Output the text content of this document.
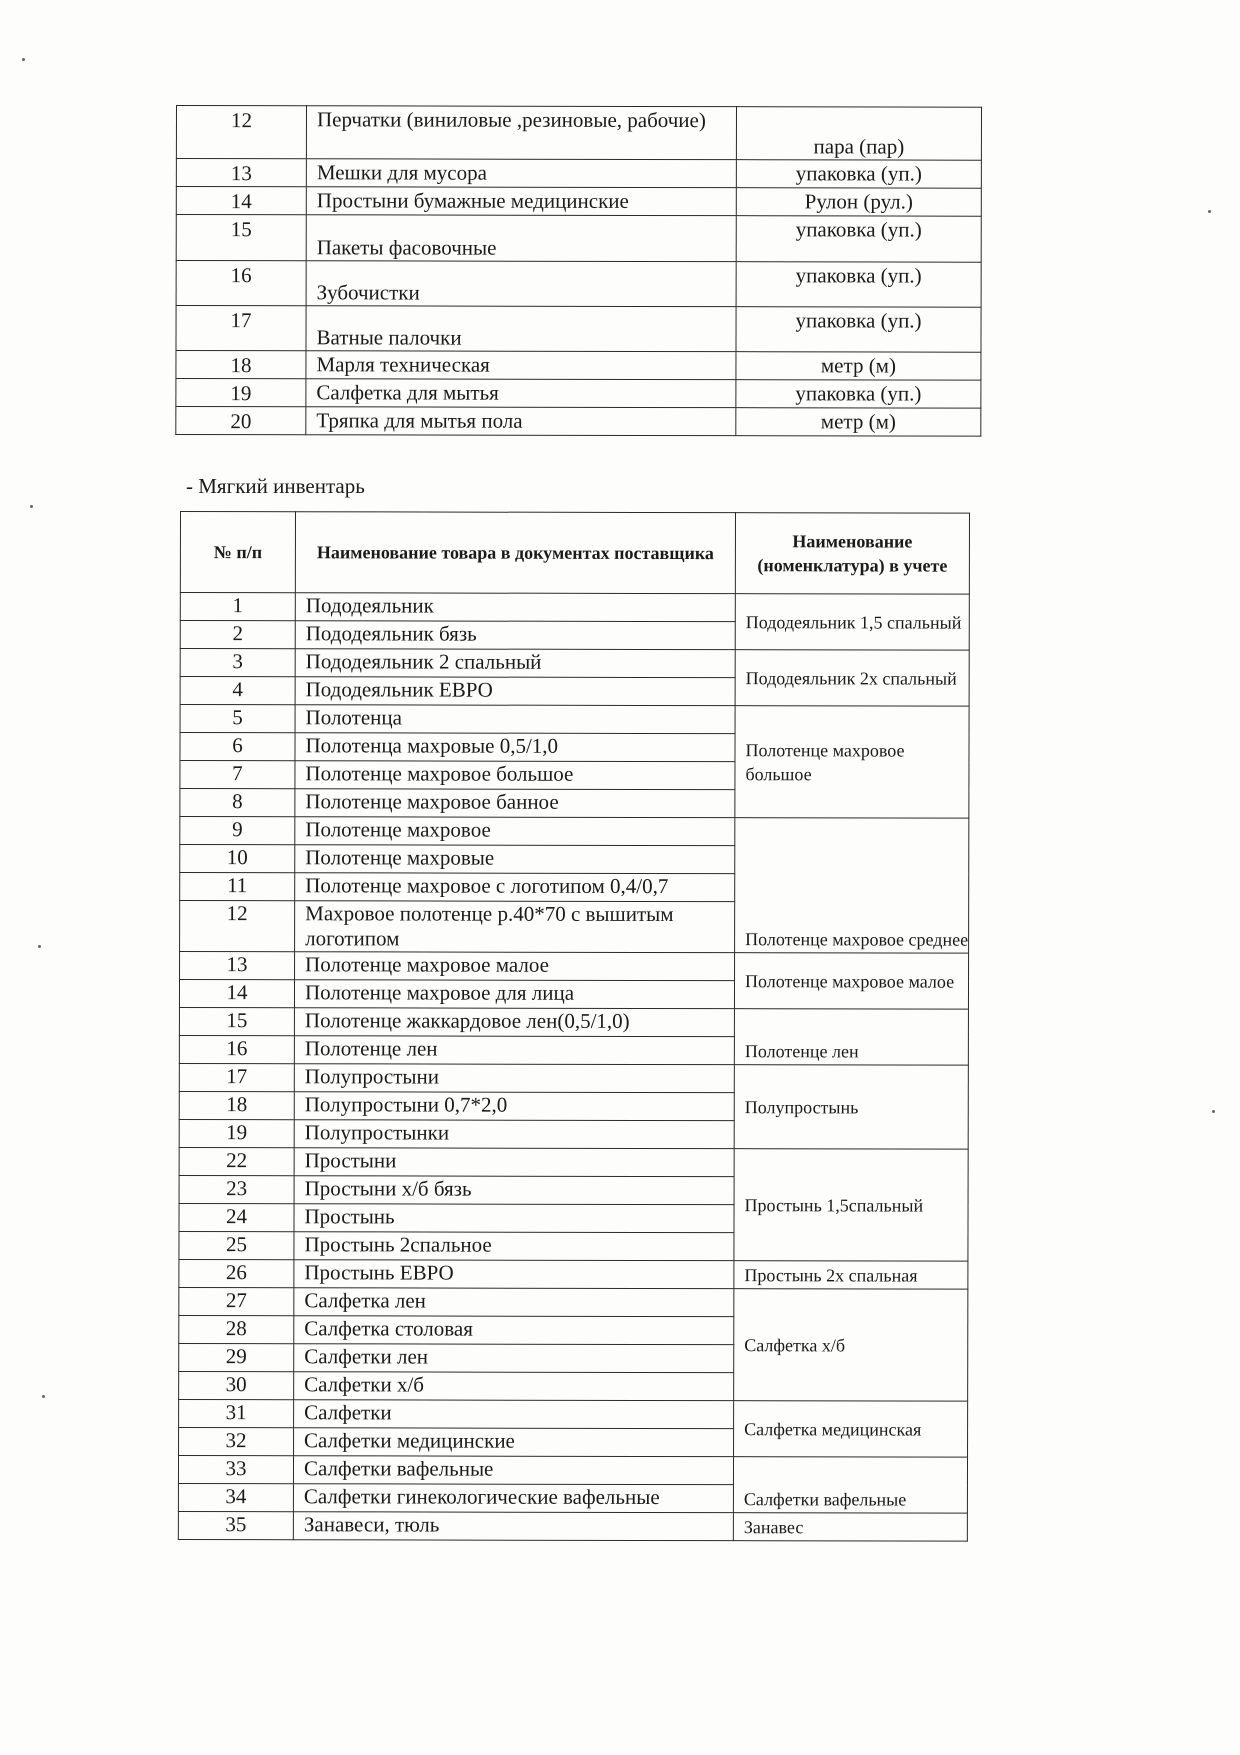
12	Перчатки (виниловые ,резиновые, рабочие)	пара (пар)
13	Мешки для мусора	упаковка (уп.)
14	Простыни бумажные медицинские	Рулон (рул.)
15	Пакеты фасовочные	упаковка (уп.)
16	Зубочистки	упаковка (уп.)
17	Ватные палочки	упаковка (уп.)
18	Марля техническая	метр (м)
19	Салфетка для мытья	упаковка (уп.)
20	Тряпка для мытья пола	метр (м)
- Мягкий инвентарь
№ п/п	Наименование товара в документах поставщика	Наименование (номенклатура) в учете
1	Пододеяльник	Пододеяльник 1,5 спальный
2	Пододеяльник бязь	
3	Пододеяльник 2 спальный	Пододеяльник 2х спальный
4	Пододеяльник ЕВРО	
5	Полотенца	Полотенце махровое большое
6	Полотенца махровые 0,5/1,0	
7	Полотенце махровое большое	
8	Полотенце махровое банное	
9	Полотенце махровое	Полотенце махровое среднее
10	Полотенце махровые	
11	Полотенце махровое с логотипом 0,4/0,7	
12	Махровое полотенце р.40*70 с вышитым логотипом	
13	Полотенце махровое малое	Полотенце махровое малое
14	Полотенце махровое для лица	
15	Полотенце жаккардовое лен(0,5/1,0)	Полотенце лен
16	Полотенце лен	
17	Полупростыни	Полупростынь
18	Полупростыни 0,7*2,0	
19	Полупростынки	
22	Простыни	Простынь 1,5спальный
23	Простыни х/б бязь	
24	Простынь	
25	Простынь 2спальное	
26	Простынь ЕВРО	Простынь 2х спальная
27	Салфетка лен	Салфетка х/б
28	Салфетка столовая	
29	Салфетки лен	
30	Салфетки х/б	
31	Салфетки	Салфетка медицинская
32	Салфетки медицинские	
33	Салфетки вафельные	Салфетки вафельные
34	Салфетки гинекологические вафельные	
35	Занавеси, тюль	Занавес
